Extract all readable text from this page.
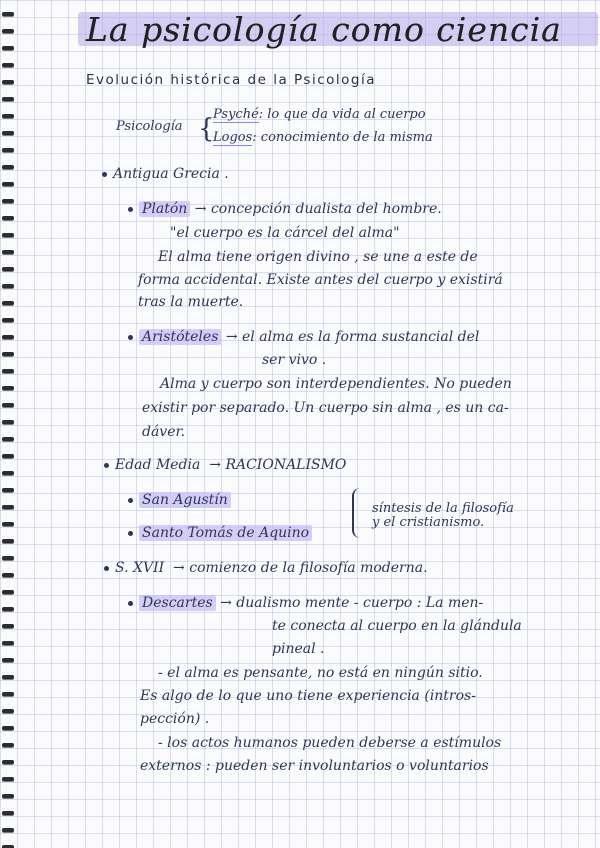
La psicología como ciencia
Evolución histórica de la Psicología
Psicología {
Psyché: lo que da vida al cuerpo
Logos: conocimiento de la misma
Antigua Grecia .
Platón → concepción dualista del hombre.
"el cuerpo es la cárcel del alma"
El alma tiene origen divino , se une a este de
forma accidental. Existe antes del cuerpo y existirá
tras la muerte.
Aristóteles → el alma es la forma sustancial del
ser vivo .
Alma y cuerpo son interdependientes. No pueden
existir por separado. Un cuerpo sin alma , es un ca-
dáver.
Edad Media → RACIONALISMO
San Agustín
Santo Tomás de Aquino
síntesis de la filosofía
y el cristianismo.
S. XVII → comienzo de la filosofía moderna.
Descartes → dualismo mente - cuerpo : La men-
te conecta al cuerpo en la glándula
pineal .
- el alma es pensante, no está en ningún sitio.
Es algo de lo que uno tiene experiencia (intros-
pección) .
- los actos humanos pueden deberse a estímulos
externos : pueden ser involuntarios o voluntarios
